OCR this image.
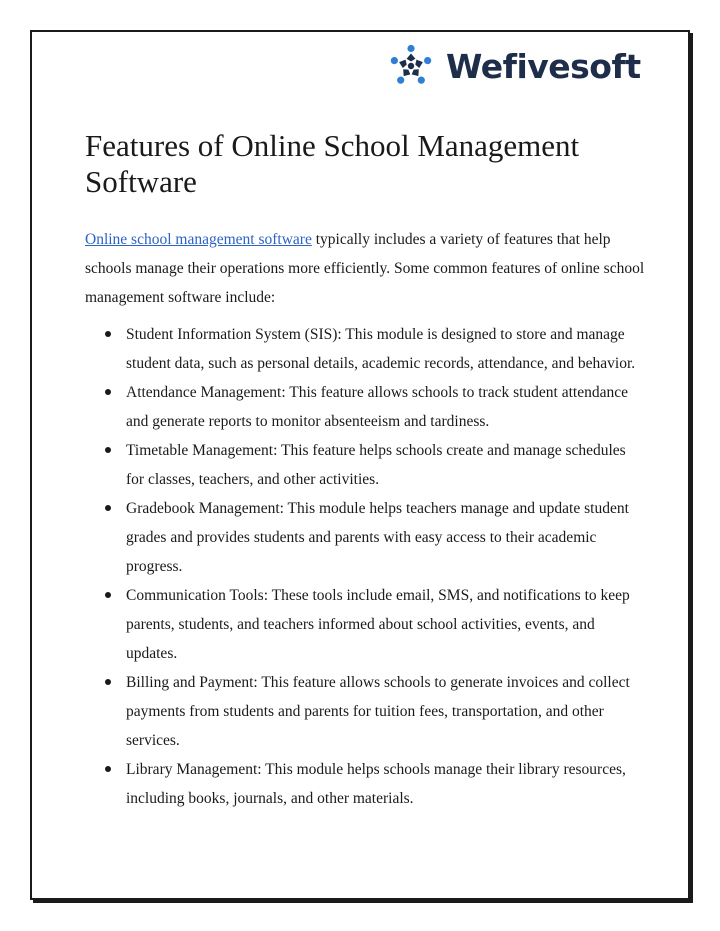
Wefivesoft
Features of Online School Management Software

Online school management software typically includes a variety of features that help schools manage their operations more efficiently. Some common features of online school management software include:

Student Information System (SIS): This module is designed to store and manage student data, such as personal details, academic records, attendance, and behavior.
Attendance Management: This feature allows schools to track student attendance and generate reports to monitor absenteeism and tardiness.
Timetable Management: This feature helps schools create and manage schedules for classes, teachers, and other activities.
Gradebook Management: This module helps teachers manage and update student grades and provides students and parents with easy access to their academic progress.
Communication Tools: These tools include email, SMS, and notifications to keep parents, students, and teachers informed about school activities, events, and updates.
Billing and Payment: This feature allows schools to generate invoices and collect payments from students and parents for tuition fees, transportation, and other services.
Library Management: This module helps schools manage their library resources, including books, journals, and other materials.
